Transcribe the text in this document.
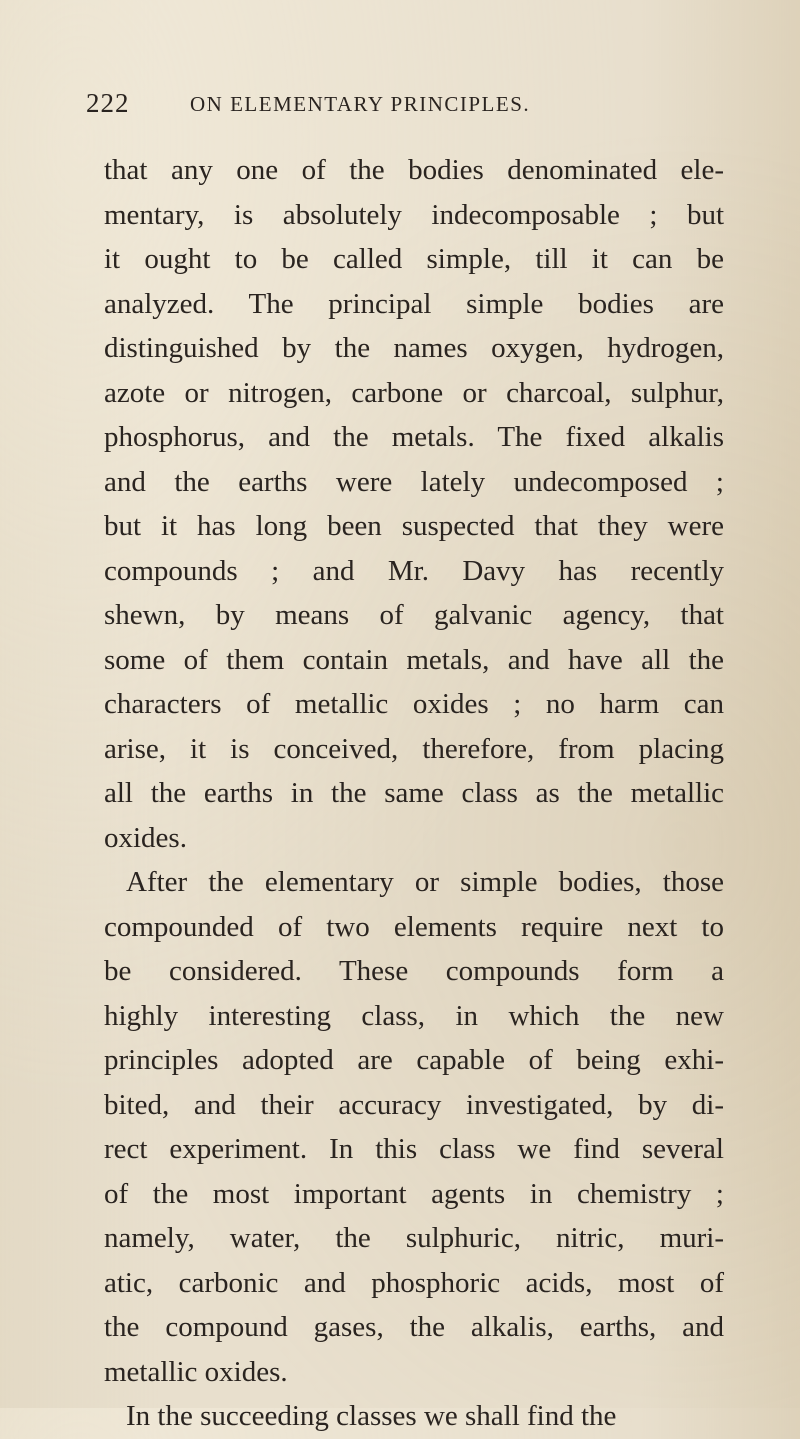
222	ON ELEMENTARY PRINCIPLES.
that any one of the bodies denominated ele-
mentary, is absolutely indecomposable ; but
it ought to be called simple, till it can be
analyzed. The principal simple bodies are
distinguished by the names oxygen, hydrogen,
azote or nitrogen, carbone or charcoal, sulphur,
phosphorus, and the metals. The fixed alkalis
and the earths were lately undecomposed ;
but it has long been suspected that they were
compounds ; and Mr. Davy has recently
shewn, by means of galvanic agency, that
some of them contain metals, and have all the
characters of metallic oxides ; no harm can
arise, it is conceived, therefore, from placing
all the earths in the same class as the metallic
oxides.
After the elementary or simple bodies, those
compounded of two elements require next to
be considered. These compounds form a
highly interesting class, in which the new
principles adopted are capable of being exhi-
bited, and their accuracy investigated, by di-
rect experiment. In this class we find several
of the most important agents in chemistry ;
namely, water, the sulphuric, nitric, muri-
atic, carbonic and phosphoric acids, most of
the compound gases, the alkalis, earths, and
metallic oxides.
In the succeeding classes we shall find the
